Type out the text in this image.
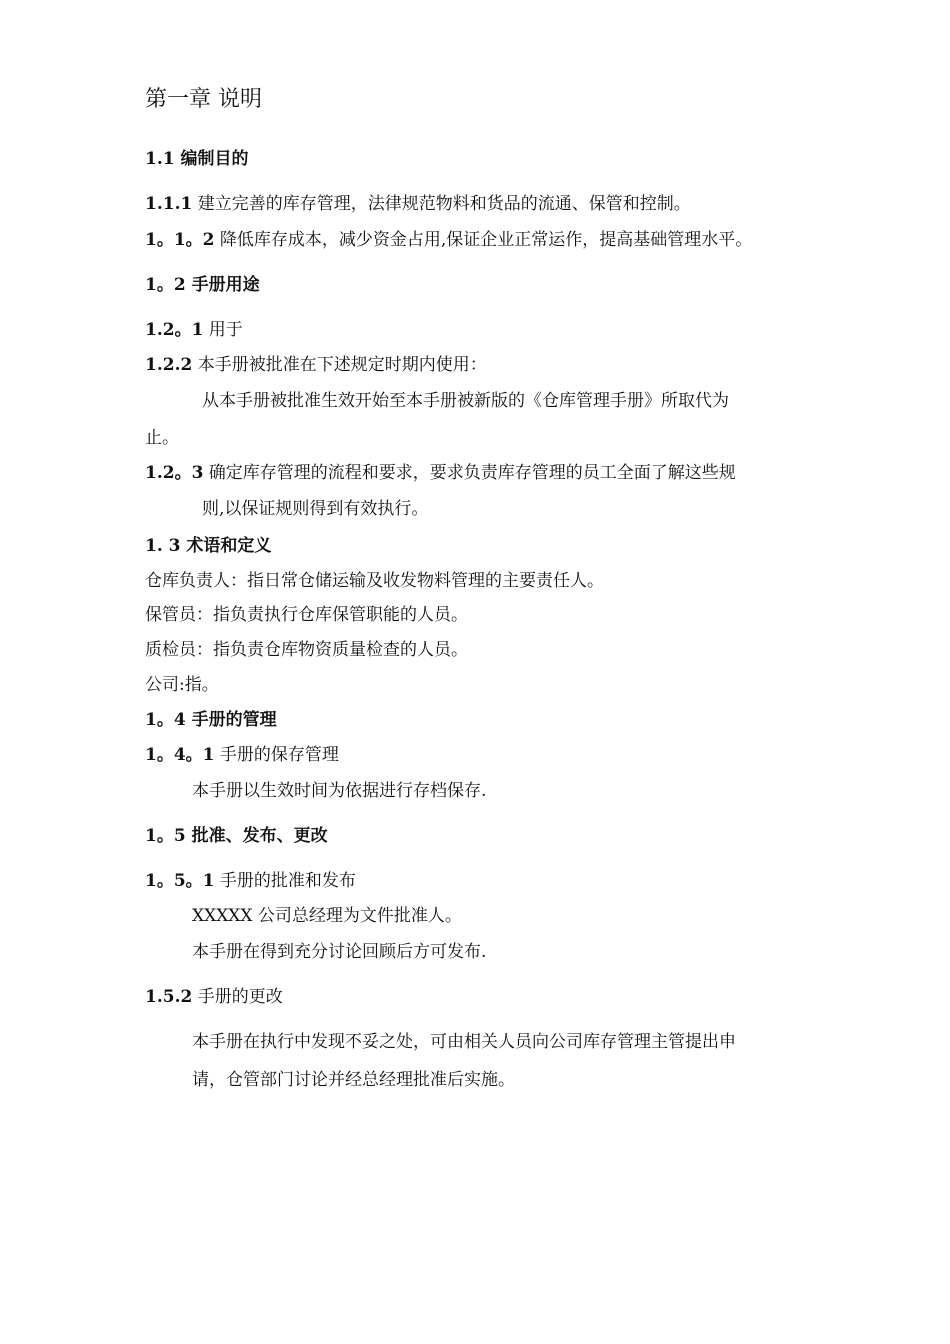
第一章 说明
1.1 编制目的
1.1.1 建立完善的库存管理，法律规范物料和货品的流通、保管和控制。
1。1。2 降低库存成本，减少资金占用,保证企业正常运作，提高基础管理水平。
1。2 手册用途
1.2。1 用于
1.2.2 本手册被批准在下述规定时期内使用：
从本手册被批准生效开始至本手册被新版的《仓库管理手册》所取代为
止。
1.2。3 确定库存管理的流程和要求，要求负责库存管理的员工全面了解这些规
则,以保证规则得到有效执行。
1. 3 术语和定义
仓库负责人：指日常仓储运输及收发物料管理的主要责任人。
保管员：指负责执行仓库保管职能的人员。
质检员：指负责仓库物资质量检查的人员。
公司:指。
1。4 手册的管理
1。4。1 手册的保存管理
本手册以生效时间为依据进行存档保存.
1。5 批准、发布、更改
1。5。1 手册的批准和发布
XXXXX 公司总经理为文件批准人。
本手册在得到充分讨论回顾后方可发布.
1.5.2 手册的更改
本手册在执行中发现不妥之处，可由相关人员向公司库存管理主管提出申
请，仓管部门讨论并经总经理批准后实施。
